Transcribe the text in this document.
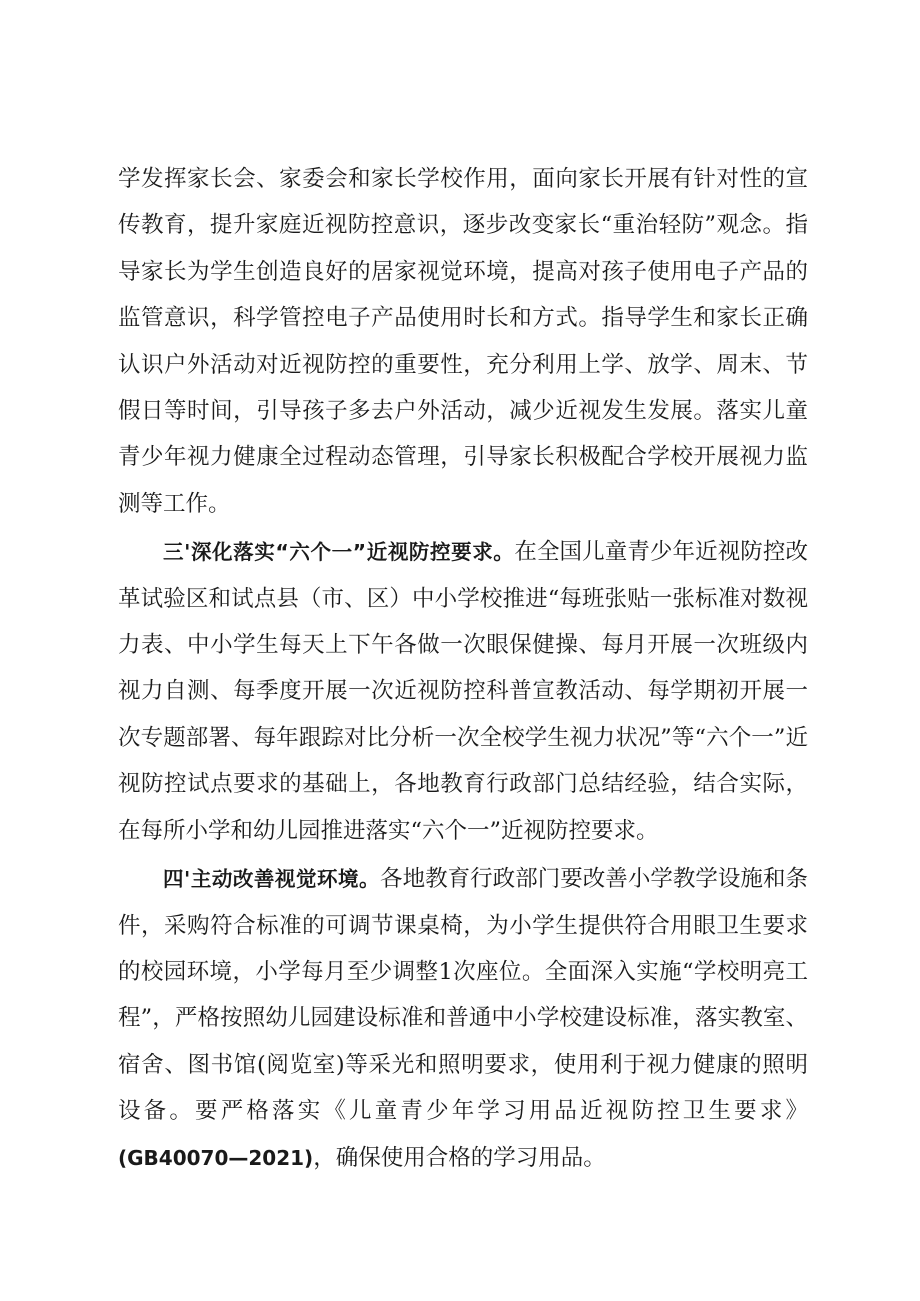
学发挥家长会、家委会和家长学校作用，面向家长开展有针对性的宣传教育，提升家庭近视防控意识，逐步改变家长“重治轻防”观念。指导家长为学生创造良好的居家视觉环境，提高对孩子使用电子产品的监管意识，科学管控电子产品使用时长和方式。指导学生和家长正确认识户外活动对近视防控的重要性，充分利用上学、放学、周末、节假日等时间，引导孩子多去户外活动，减少近视发生发展。落实儿童青少年视力健康全过程动态管理，引导家长积极配合学校开展视力监测等工作。

三'深化落实“六个一”近视防控要求。在全国儿童青少年近视防控改革试验区和试点县（市、区）中小学校推进“每班张贴一张标准对数视力表、中小学生每天上下午各做一次眼保健操、每月开展一次班级内视力自测、每季度开展一次近视防控科普宣教活动、每学期初开展一次专题部署、每年跟踪对比分析一次全校学生视力状况”等“六个一”近视防控试点要求的基础上，各地教育行政部门总结经验，结合实际，在每所小学和幼儿园推进落实“六个一”近视防控要求。

四'主动改善视觉环境。各地教育行政部门要改善小学教学设施和条件，采购符合标准的可调节课桌椅，为小学生提供符合用眼卫生要求的校园环境，小学每月至少调整1次座位。全面深入实施“学校明亮工程”，严格按照幼儿园建设标准和普通中小学校建设标准，落实教室、宿舍、图书馆(阅览室)等采光和照明要求，使用利于视力健康的照明设备。要严格落实《儿童青少年学习用品近视防控卫生要求》(GB40070—2021)，确保使用合格的学习用品。
